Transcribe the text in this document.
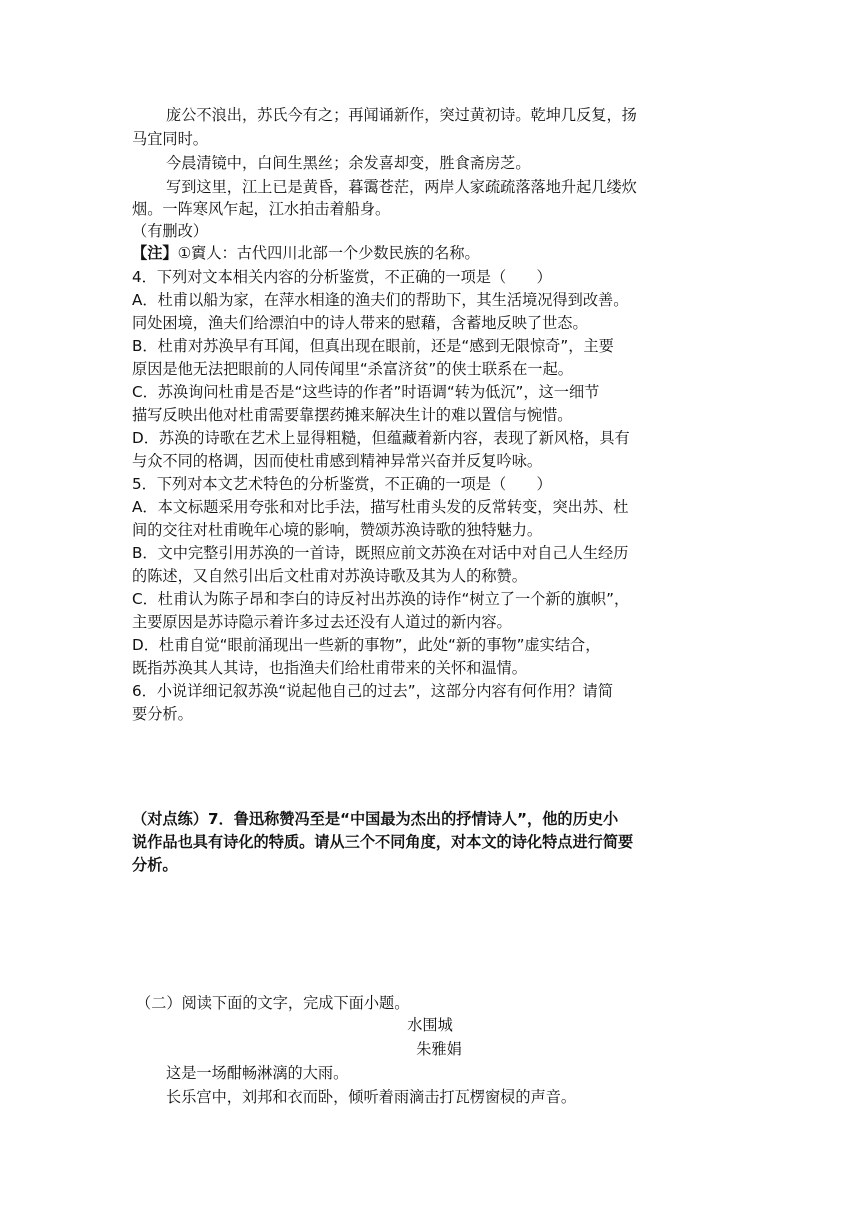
庞公不浪出，苏氏今有之；再闻诵新作，突过黄初诗。乾坤几反复，扬
马宜同时。
今晨清镜中，白间生黑丝；余发喜却变，胜食斋房芝。
写到这里，江上已是黄昏，暮霭苍茫，两岸人家疏疏落落地升起几缕炊
烟。一阵寒风乍起，江水拍击着船身。
（有删改）
【注】①賨人：古代四川北部一个少数民族的名称。
4．下列对文本相关内容的分析鉴赏，不正确的一项是（　　）
A．杜甫以船为家，在萍水相逢的渔夫们的帮助下，其生活境况得到改善。
同处困境，渔夫们给漂泊中的诗人带来的慰藉，含蓄地反映了世态。
B．杜甫对苏涣早有耳闻，但真出现在眼前，还是“感到无限惊奇”，主要
原因是他无法把眼前的人同传闻里“杀富济贫”的侠士联系在一起。
C．苏涣询问杜甫是否是“这些诗的作者”时语调“转为低沉”，这一细节
描写反映出他对杜甫需要靠摆药摊来解决生计的难以置信与惋惜。
D．苏涣的诗歌在艺术上显得粗糙，但蕴藏着新内容，表现了新风格，具有
与众不同的格调，因而使杜甫感到精神异常兴奋并反复吟咏。
5．下列对本文艺术特色的分析鉴赏，不正确的一项是（　　）
A．本文标题采用夸张和对比手法，描写杜甫头发的反常转变，突出苏、杜
间的交往对杜甫晚年心境的影响，赞颂苏涣诗歌的独特魅力。
B．文中完整引用苏涣的一首诗，既照应前文苏涣在对话中对自己人生经历
的陈述，又自然引出后文杜甫对苏涣诗歌及其为人的称赞。
C．杜甫认为陈子昂和李白的诗反衬出苏涣的诗作“树立了一个新的旗帜”，
主要原因是苏诗隐示着许多过去还没有人道过的新内容。
D．杜甫自觉“眼前涌现出一些新的事物”，此处“新的事物”虚实结合，
既指苏涣其人其诗，也指渔夫们给杜甫带来的关怀和温情。
6．小说详细记叙苏涣“说起他自己的过去”，这部分内容有何作用？请简
要分析。
（对点练）7．鲁迅称赞冯至是“中国最为杰出的抒情诗人”，他的历史小
说作品也具有诗化的特质。请从三个不同角度，对本文的诗化特点进行简要
分析。
（二）阅读下面的文字，完成下面小题。
水围城
朱雅娟
这是一场酣畅淋漓的大雨。
长乐宫中，刘邦和衣而卧，倾听着雨滴击打瓦楞窗棂的声音。
